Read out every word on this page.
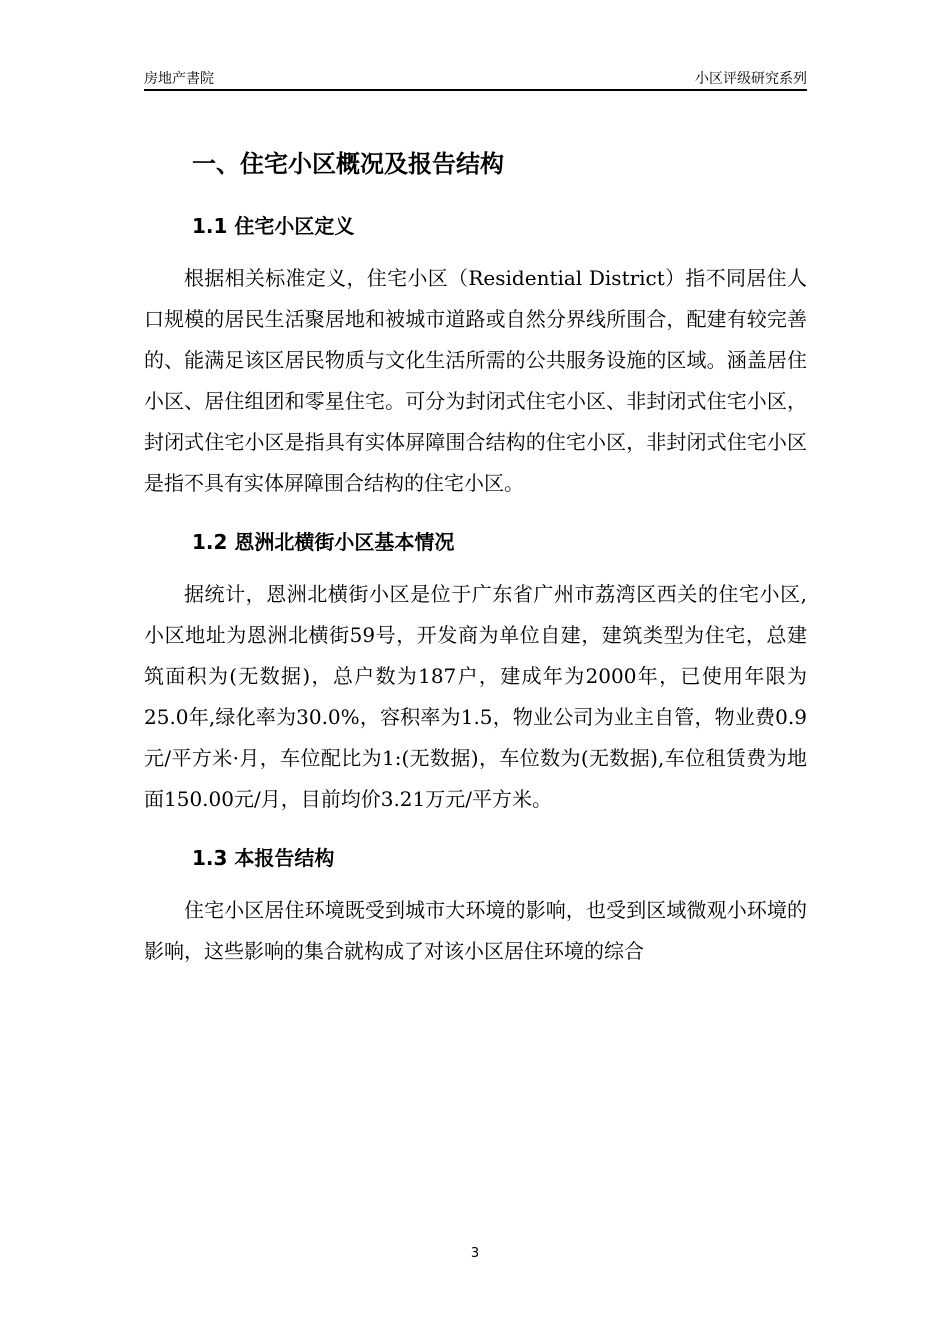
房地产書院	小区评级研究系列
一、住宅小区概况及报告结构
1.1 住宅小区定义

根据相关标准定义，住宅小区（Residential District）指不同居住人口规模的居民生活聚居地和被城市道路或自然分界线所围合，配建有较完善的、能满足该区居民物质与文化生活所需的公共服务设施的区域。涵盖居住小区、居住组团和零星住宅。可分为封闭式住宅小区、非封闭式住宅小区，封闭式住宅小区是指具有实体屏障围合结构的住宅小区，非封闭式住宅小区是指不具有实体屏障围合结构的住宅小区。

1.2 恩洲北横街小区基本情况

据统计，恩洲北横街小区是位于广东省广州市荔湾区西关的住宅小区,小区地址为恩洲北横街59号，开发商为单位自建，建筑类型为住宅，总建筑面积为(无数据)，总户数为187户，建成年为2000年，已使用年限为25.0年,绿化率为30.0%，容积率为1.5，物业公司为业主自管，物业费0.9元/平方米·月，车位配比为1:(无数据)，车位数为(无数据),车位租赁费为地面150.00元/月，目前均价3.21万元/平方米。

1.3 本报告结构

住宅小区居住环境既受到城市大环境的影响，也受到区域微观小环境的影响，这些影响的集合就构成了对该小区居住环境的综合

3
